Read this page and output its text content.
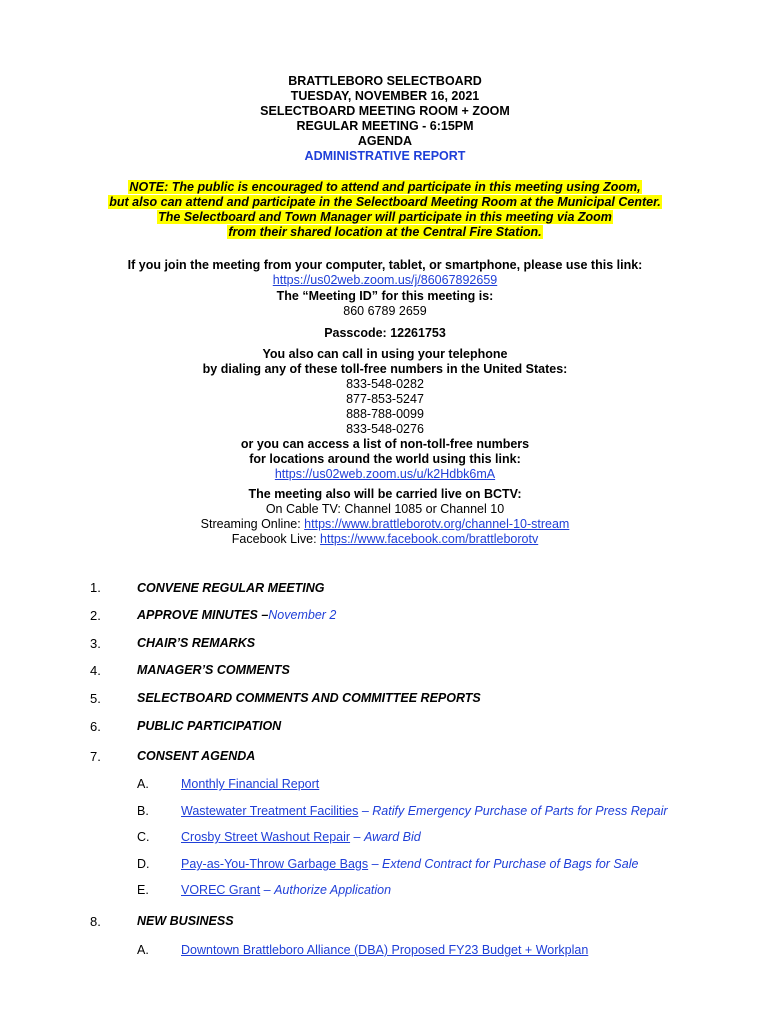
BRATTLEBORO SELECTBOARD
TUESDAY, NOVEMBER 16, 2021
SELECTBOARD MEETING ROOM + ZOOM
REGULAR MEETING - 6:15PM
AGENDA
ADMINISTRATIVE REPORT
NOTE: The public is encouraged to attend and participate in this meeting using Zoom,
but also can attend and participate in the Selectboard Meeting Room at the Municipal Center.
The Selectboard and Town Manager will participate in this meeting via Zoom
from their shared location at the Central Fire Station.
If you join the meeting from your computer, tablet, or smartphone, please use this link:
https://us02web.zoom.us/j/86067892659
The “Meeting ID” for this meeting is:
860 6789 2659
Passcode: 12261753
You also can call in using your telephone
by dialing any of these toll-free numbers in the United States:
833-548-0282
877-853-5247
888-788-0099
833-548-0276
or you can access a list of non-toll-free numbers
for locations around the world using this link:
https://us02web.zoom.us/u/k2Hdbk6mA
The meeting also will be carried live on BCTV:
On Cable TV: Channel 1085 or Channel 10
Streaming Online: https://www.brattleborotv.org/channel-10-stream
Facebook Live: https://www.facebook.com/brattleborotv
1.	CONVENE REGULAR MEETING
2.	APPROVE MINUTES –November 2
3.	CHAIR’S REMARKS
4.	MANAGER’S COMMENTS
5.	SELECTBOARD COMMENTS AND COMMITTEE REPORTS
6.	PUBLIC PARTICIPATION
7.	CONSENT AGENDA
A.	Monthly Financial Report
B.	Wastewater Treatment Facilities – Ratify Emergency Purchase of Parts for Press Repair
C.	Crosby Street Washout Repair – Award Bid
D.	Pay-as-You-Throw Garbage Bags – Extend Contract for Purchase of Bags for Sale
E.	VOREC Grant – Authorize Application
8.	NEW BUSINESS
A.	Downtown Brattleboro Alliance (DBA) Proposed FY23 Budget + Workplan
